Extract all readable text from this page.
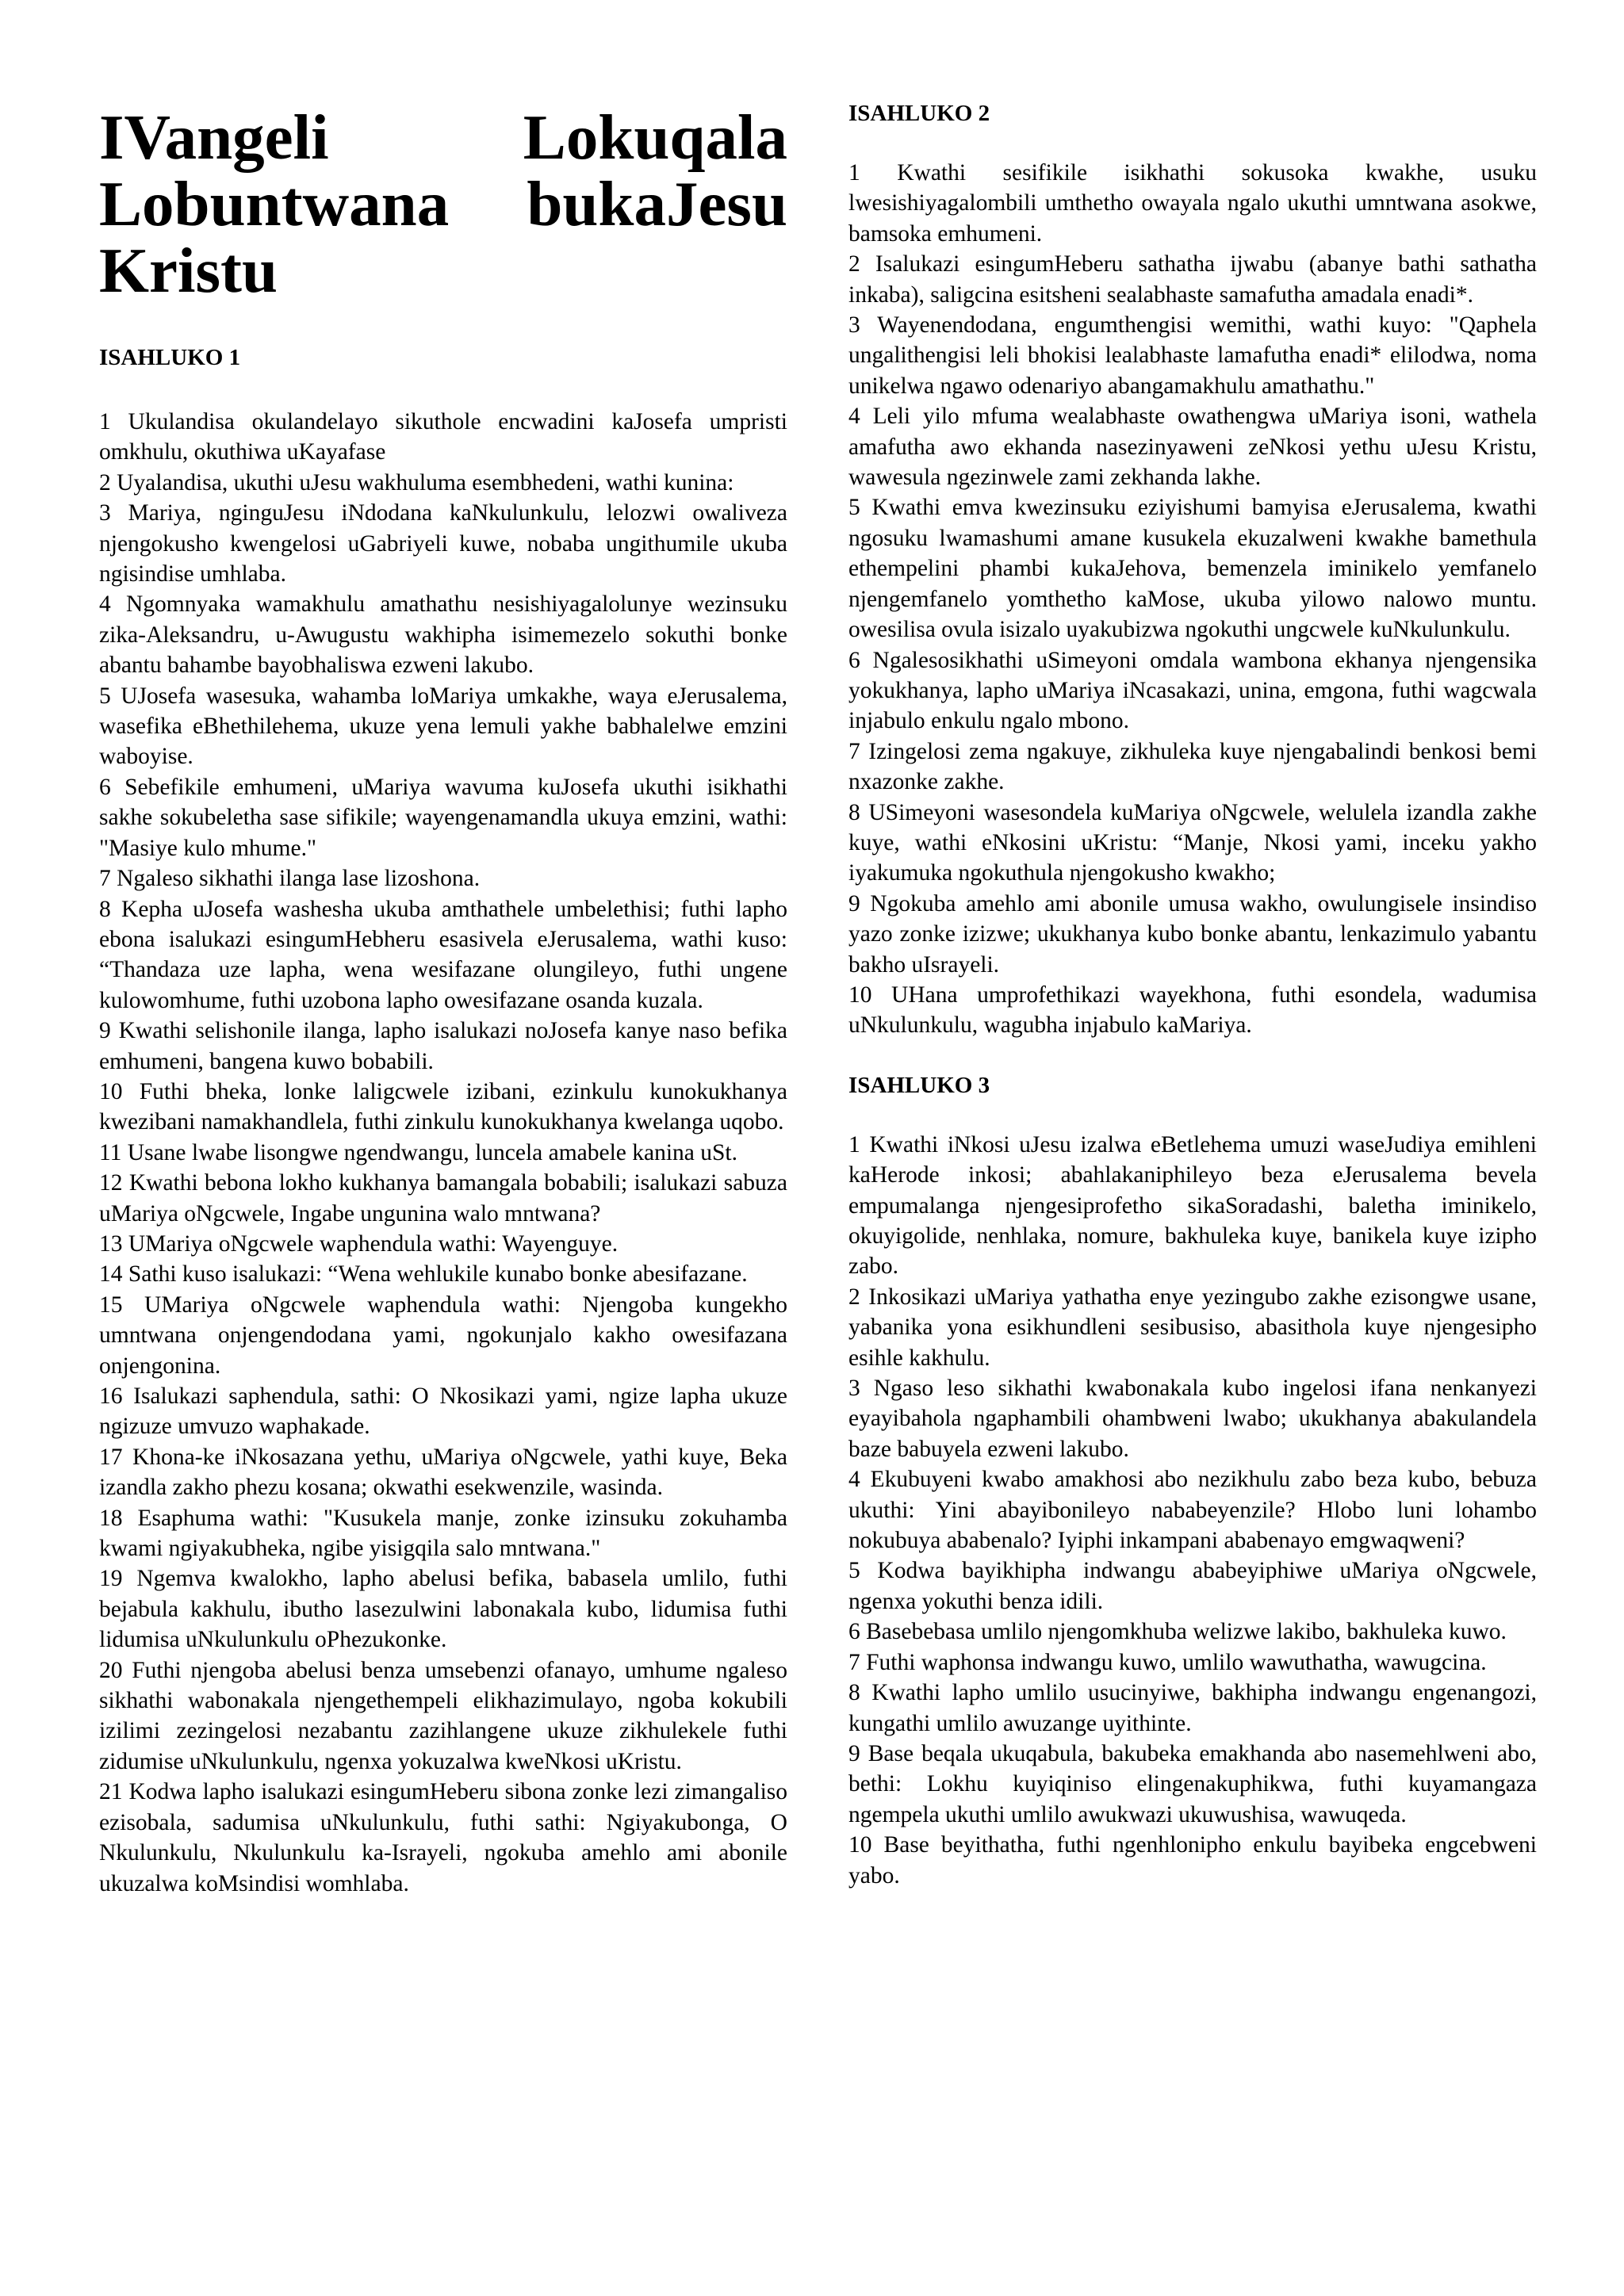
IVangeli Lokuqala Lobuntwana bukaJesu Kristu
ISAHLUKO 1

1 Ukulandisa okulandelayo sikuthole encwadini kaJosefa umpristi omkhulu, okuthiwa uKayafase

2 Uyalandisa, ukuthi uJesu wakhuluma esembhedeni, wathi kunina:

3 Mariya, nginguJesu iNdodana kaNkulunkulu, lelozwi owaliveza njengokusho kwengelosi uGabriyeli kuwe, nobaba ungithumile ukuba ngisindise umhlaba.

4 Ngomnyaka wamakhulu amathathu nesishiyagalolunye wezinsuku zika-Aleksandru, u-Awugustu wakhipha isimemezelo sokuthi bonke abantu bahambe bayobhaliswa ezweni lakubo.

5 UJosefa wasesuka, wahamba loMariya umkakhe, waya eJerusalema, wasefika eBhethilehema, ukuze yena lemuli yakhe babhalelwe emzini waboyise.

6 Sebefikile emhumeni, uMariya wavuma kuJosefa ukuthi isikhathi sakhe sokubeletha sase sifikile; wayengenamandla ukuya emzini, wathi: "Masiye kulo mhume."

7 Ngaleso sikhathi ilanga lase lizoshona.

8 Kepha uJosefa washesha ukuba amthathele umbelethisi; futhi lapho ebona isalukazi esingumHebheru esasivela eJerusalema, wathi kuso: “Thandaza uze lapha, wena wesifazane olungileyo, futhi ungene kulowomhume, futhi uzobona lapho owesifazane osanda kuzala.

9 Kwathi selishonile ilanga, lapho isalukazi noJosefa kanye naso befika emhumeni, bangena kuwo bobabili.

10 Futhi bheka, lonke laligcwele izibani, ezinkulu kunokukhanya kwezibani namakhandlela, futhi zinkulu kunokukhanya kwelanga uqobo.

11 Usane lwabe lisongwe ngendwangu, luncela amabele kanina uSt.

12 Kwathi bebona lokho kukhanya bamangala bobabili; isalukazi sabuza uMariya oNgcwele, Ingabe ungunina walo mntwana?

13 UMariya oNgcwele waphendula wathi: Wayenguye.

14 Sathi kuso isalukazi: “Wena wehlukile kunabo bonke abesifazane.

15 UMariya oNgcwele waphendula wathi: Njengoba kungekho umntwana onjengendodana yami, ngokunjalo kakho owesifazana onjengonina.

16 Isalukazi saphendula, sathi: O Nkosikazi yami, ngize lapha ukuze ngizuze umvuzo waphakade.

17 Khona-ke iNkosazana yethu, uMariya oNgcwele, yathi kuye, Beka izandla zakho phezu kosana; okwathi esekwenzile, wasinda.

18 Esaphuma wathi: "Kusukela manje, zonke izinsuku zokuhamba kwami ngiyakubheka, ngibe yisigqila salo mntwana."

19 Ngemva kwalokho, lapho abelusi befika, babasela umlilo, futhi bejabula kakhulu, ibutho lasezulwini labonakala kubo, lidumisa futhi lidumisa uNkulunkulu oPhezukonke.

20 Futhi njengoba abelusi benza umsebenzi ofanayo, umhume ngaleso sikhathi wabonakala njengethempeli elikhazimulayo, ngoba kokubili izilimi zezingelosi nezabantu zazihlangene ukuze zikhulekele futhi zidumise uNkulunkulu, ngenxa yokuzalwa kweNkosi uKristu.

21 Kodwa lapho isalukazi esingumHeberu sibona zonke lezi zimangaliso ezisobala, sadumisa uNkulunkulu, futhi sathi: Ngiyakubonga, O Nkulunkulu, Nkulunkulu ka-Israyeli, ngokuba amehlo ami abonile ukuzalwa koMsindisi womhlaba.

ISAHLUKO 2

1 Kwathi sesifikile isikhathi sokusoka kwakhe, usuku lwesishiyagalombili umthetho owayala ngalo ukuthi umntwana asokwe, bamsoka emhumeni.

2 Isalukazi esingumHeberu sathatha ijwabu (abanye bathi sathatha inkaba), saligcina esitsheni sealabhaste samafutha amadala enadi*.

3 Wayenendodana, engumthengisi wemithi, wathi kuyo: "Qaphela ungalithengisi leli bhokisi lealabhaste lamafutha enadi* elilodwa, noma unikelwa ngawo odenariyo abangamakhulu amathathu."

4 Leli yilo mfuma wealabhaste owathengwa uMariya isoni, wathela amafutha awo ekhanda nasezinyaweni zeNkosi yethu uJesu Kristu, wawesula ngezinwele zami zekhanda lakhe.

5 Kwathi emva kwezinsuku eziyishumi bamyisa eJerusalema, kwathi ngosuku lwamashumi amane kusukela ekuzalweni kwakhe bamethula ethempelini phambi kukaJehova, bemenzela iminikelo yemfanelo njengemfanelo yomthetho kaMose, ukuba yilowo nalowo muntu. owesilisa ovula isizalo uyakubizwa ngokuthi ungcwele kuNkulunkulu.

6 Ngalesosikhathi uSimeyoni omdala wambona ekhanya njengensika yokukhanya, lapho uMariya iNcasakazi, unina, emgona, futhi wagcwala injabulo enkulu ngalo mbono.

7 Izingelosi zema ngakuye, zikhuleka kuye njengabalindi benkosi bemi nxazonke zakhe.

8 USimeyoni wasesondela kuMariya oNgcwele, welulela izandla zakhe kuye, wathi eNkosini uKristu: “Manje, Nkosi yami, inceku yakho iyakumuka ngokuthula njengokusho kwakho;

9 Ngokuba amehlo ami abonile umusa wakho, owulungisele insindiso yazo zonke izizwe; ukukhanya kubo bonke abantu, lenkazimulo yabantu bakho uIsrayeli.

10 UHana umprofethikazi wayekhona, futhi esondela, wadumisa uNkulunkulu, wagubha injabulo kaMariya.

ISAHLUKO 3

1 Kwathi iNkosi uJesu izalwa eBetlehema umuzi waseJudiya emihleni kaHerode inkosi; abahlakaniphileyo beza eJerusalema bevela empumalanga njengesiprofetho sikaSoradashi, baletha iminikelo, okuyigolide, nenhlaka, nomure, bakhuleka kuye, banikela kuye izipho zabo.

2 Inkosikazi uMariya yathatha enye yezingubo zakhe ezisongwe usane, yabanika yona esikhundleni sesibusiso, abasithola kuye njengesipho esihle kakhulu.

3 Ngaso leso sikhathi kwabonakala kubo ingelosi ifana nenkanyezi eyayibahola ngaphambili ohambweni lwabo; ukukhanya abakulandela baze babuyela ezweni lakubo.

4 Ekubuyeni kwabo amakhosi abo nezikhulu zabo beza kubo, bebuza ukuthi: Yini abayibonileyo nababeyenzile? Hlobo luni lohambo nokubuya ababenalo? Iyiphi inkampani ababenayo emgwaqweni?

5 Kodwa bayikhipha indwangu ababeyiphiwe uMariya oNgcwele, ngenxa yokuthi benza idili.

6 Basebebasa umlilo njengomkhuba welizwe lakibo, bakhuleka kuwo.

7 Futhi waphonsa indwangu kuwo, umlilo wawuthatha, wawugcina.

8 Kwathi lapho umlilo usucinyiwe, bakhipha indwangu engenangozi, kungathi umlilo awuzange uyithinte.

9 Base beqala ukuqabula, bakubeka emakhanda abo nasemehlweni abo, bethi: Lokhu kuyiqiniso elingenakuphikwa, futhi kuyamangaza ngempela ukuthi umlilo awukwazi ukuwushisa, wawuqeda.

10 Base beyithatha, futhi ngenhlonipho enkulu bayibeka engcebweni yabo.
